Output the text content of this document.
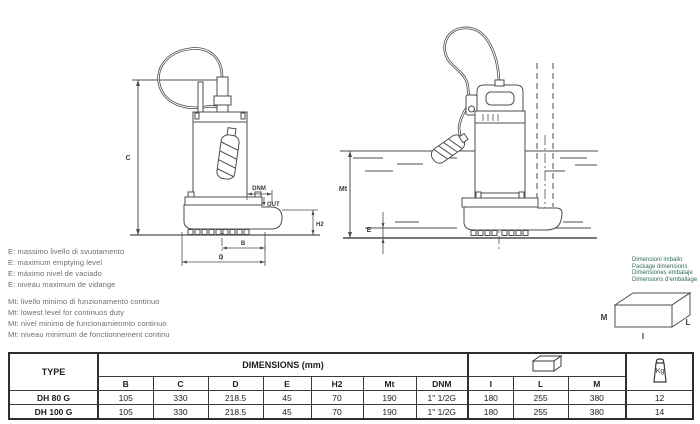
C
DNM
OUT
H2
B
D
Mt
E
E: massimo livello di svuotamento
E: maximum emptying level
E: máximo nivel de vaciado
E: niveau maximum de vidange
Mt: livello minimo di funzionamento continuo
Mt: lowest level for continuos duty
Mt: nivel minimo de funcionamienmto continuo
Mt: niveau minimum de fonctionnement continu
Dimensioni imballo
Package dimensions
Dimensiones embalaje
Dimensions d'emballage
M
L
I
TYPE	DIMENSIONS (mm)										Kg

	B	C	D	E	H2	Mt	DNM	I	L	M	
DH 80 G	105	330	218.5	45	70	190	1" 1/2G	180	255	380	12
DH 100 G	105	330	218.5	45	70	190	1" 1/2G	180	255	380	14
